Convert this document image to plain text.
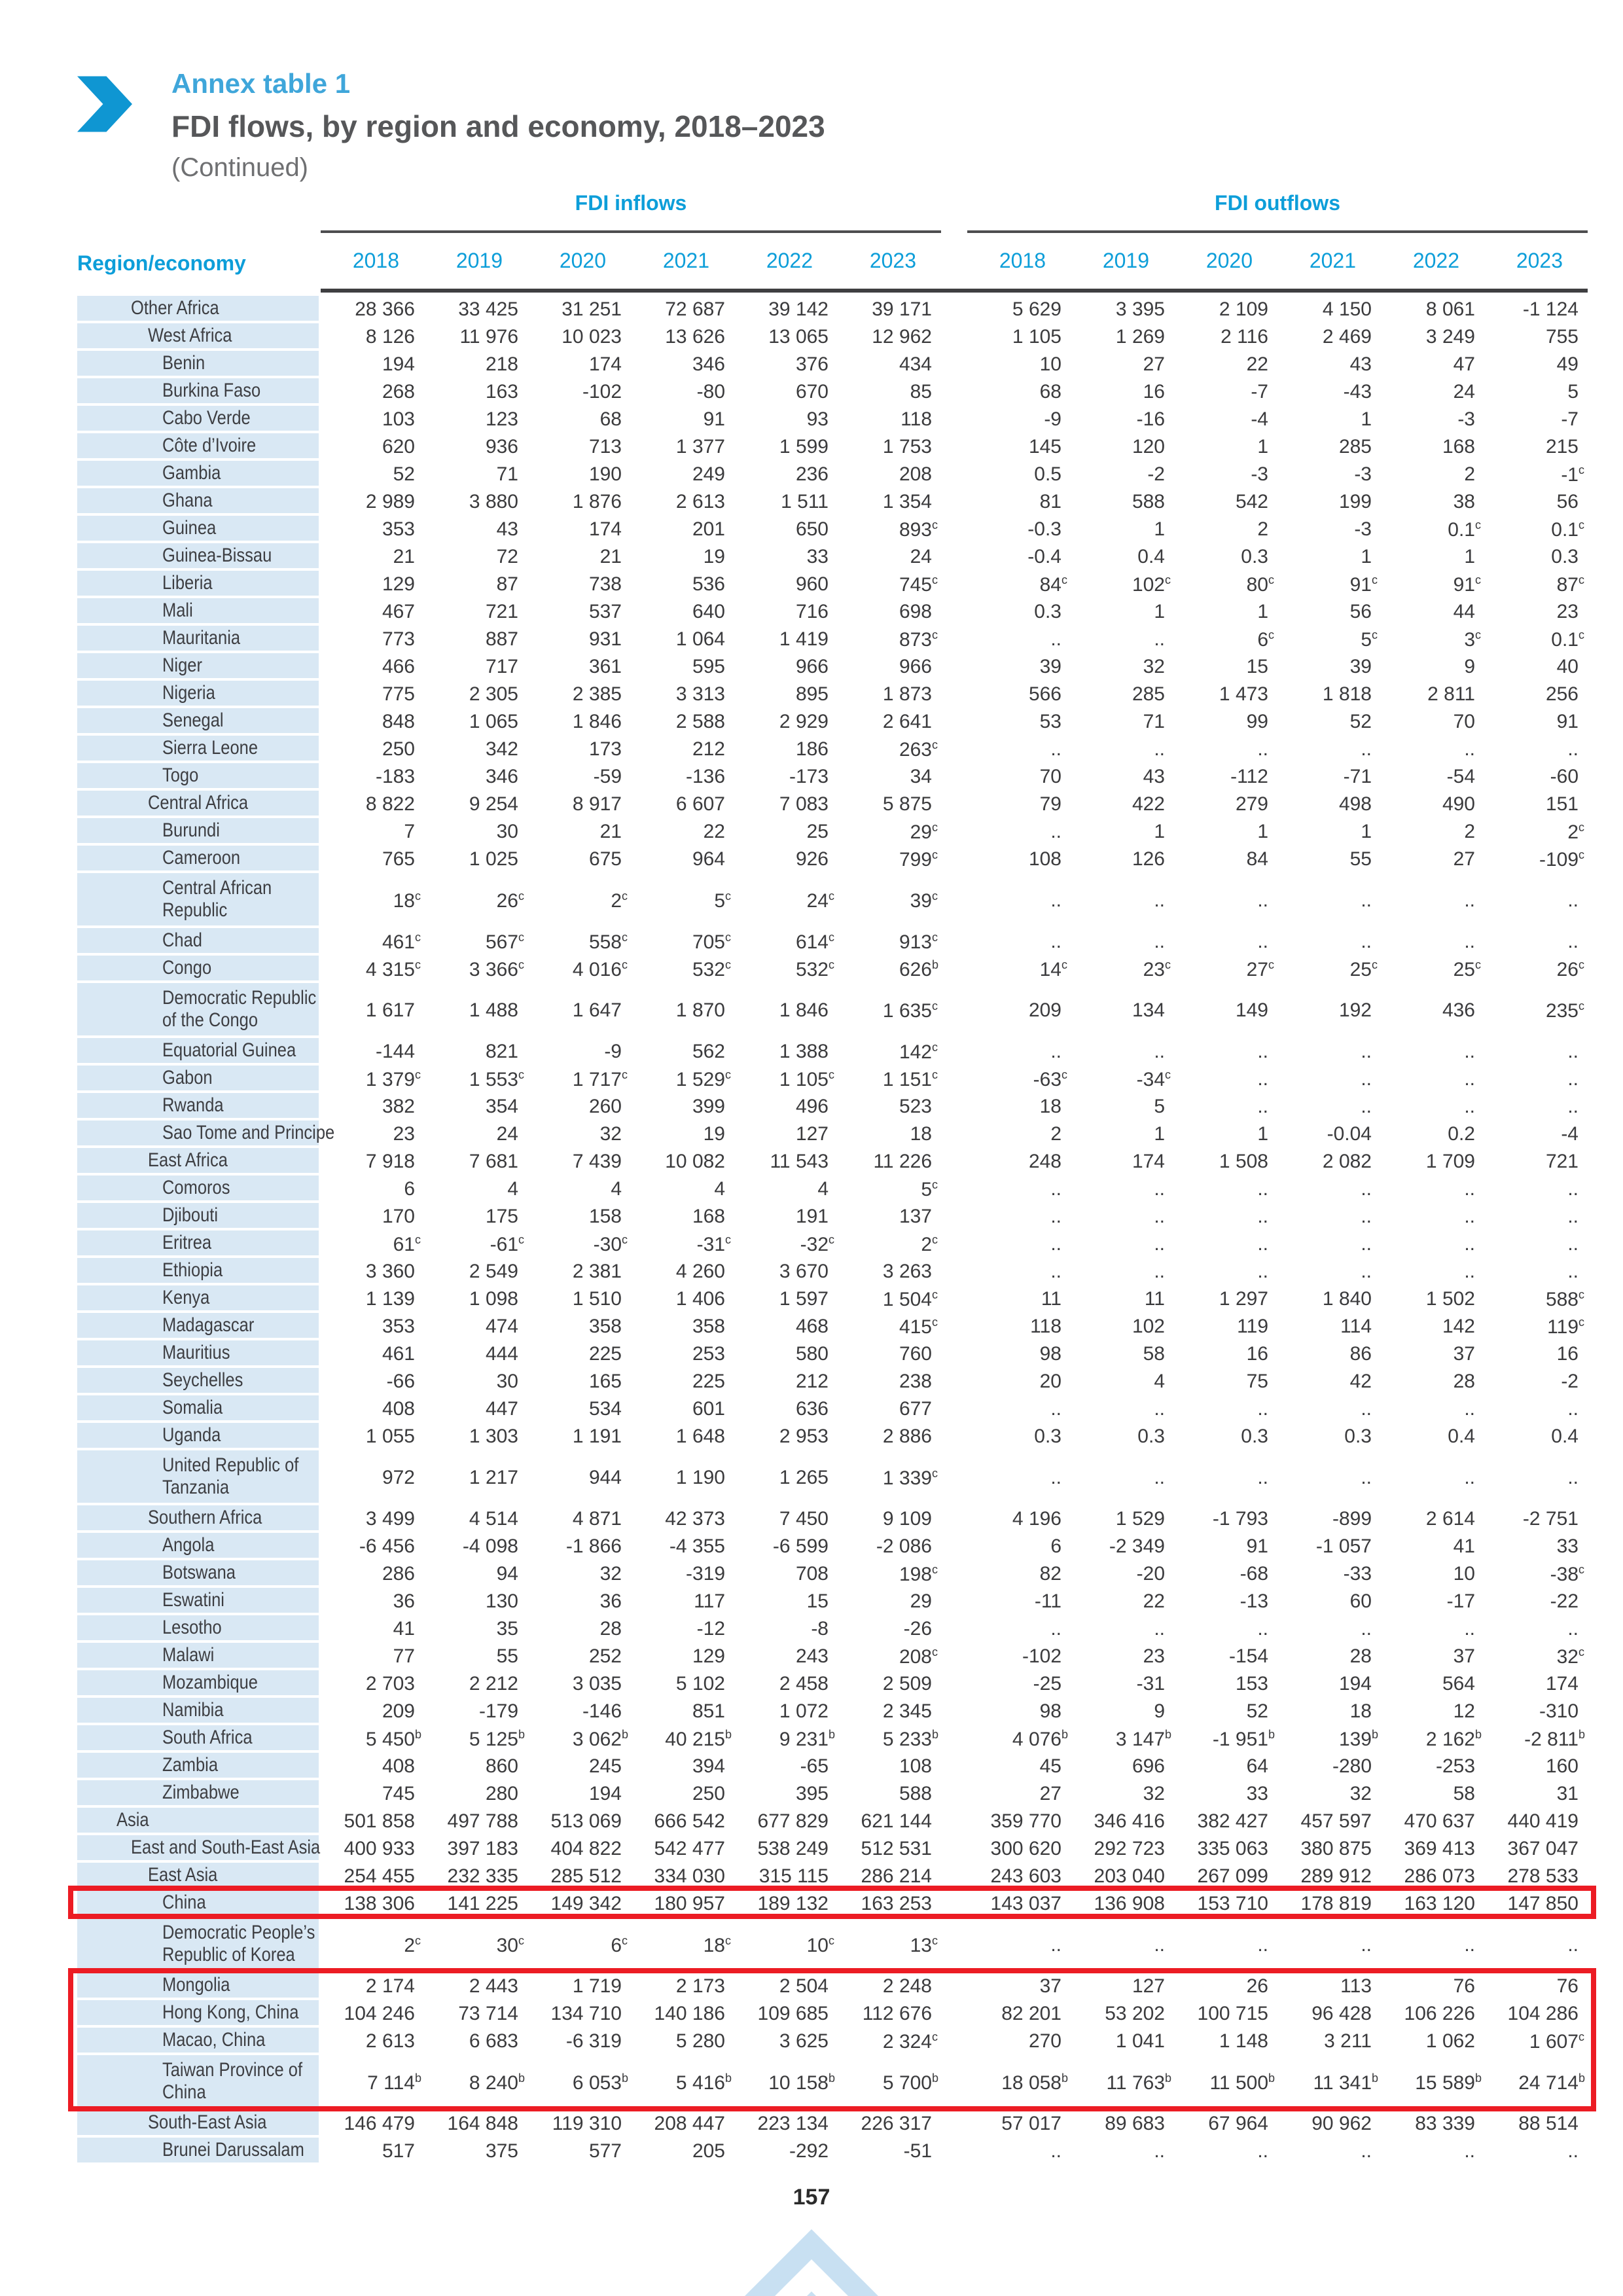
Annex table 1
FDI flows, by region and economy, 2018–2023
(Continued)
FDI inflows	FDI outflows
Region/economy	2018	2019	2020	2021	2022	2023	2018	2019	2020	2021	2022	2023
Other Africa	28 366	33 425	31 251	72 687	39 142	39 171	5 629	3 395	2 109	4 150	8 061	-1 124
West Africa	8 126	11 976	10 023	13 626	13 065	12 962	1 105	1 269	2 116	2 469	3 249	755
Benin	194	218	174	346	376	434	10	27	22	43	47	49
Burkina Faso	268	163	-102	-80	670	85	68	16	-7	-43	24	5
Cabo Verde	103	123	68	91	93	118	-9	-16	-4	1	-3	-7
Côte d’Ivoire	620	936	713	1 377	1 599	1 753	145	120	1	285	168	215
Gambia	52	71	190	249	236	208	0.5	-2	-3	-3	2	-1$^c$
Ghana	2 989	3 880	1 876	2 613	1 511	1 354	81	588	542	199	38	56
Guinea	353	43	174	201	650	893$^c$	-0.3	1	2	-3	0.1$^c$	0.1$^c$
Guinea-Bissau	21	72	21	19	33	24	-0.4	0.4	0.3	1	1	0.3
Liberia	129	87	738	536	960	745$^c$	84$^c$	102$^c$	80$^c$	91$^c$	91$^c$	87$^c$
Mali	467	721	537	640	716	698	0.3	1	1	56	44	23
Mauritania	773	887	931	1 064	1 419	873$^c$	..	..	6$^c$	5$^c$	3$^c$	0.1$^c$
Niger	466	717	361	595	966	966	39	32	15	39	9	40
Nigeria	775	2 305	2 385	3 313	895	1 873	566	285	1 473	1 818	2 811	256
Senegal	848	1 065	1 846	2 588	2 929	2 641	53	71	99	52	70	91
Sierra Leone	250	342	173	212	186	263$^c$	..	..	..	..	..	..
Togo	-183	346	-59	-136	-173	34	70	43	-112	-71	-54	-60
Central Africa	8 822	9 254	8 917	6 607	7 083	5 875	79	422	279	498	490	151
Burundi	7	30	21	22	25	29$^c$	..	1	1	1	2	2$^c$
Cameroon	765	1 025	675	964	926	799$^c$	108	126	84	55	27	-109$^c$
Central African
Republic	18$^c$	26$^c$	2$^c$	5$^c$	24$^c$	39$^c$	..	..	..	..	..	..
Chad	461$^c$	567$^c$	558$^c$	705$^c$	614$^c$	913$^c$	..	..	..	..	..	..
Congo	4 315$^c$	3 366$^c$	4 016$^c$	532$^c$	532$^c$	626$^b$	14$^c$	23$^c$	27$^c$	25$^c$	25$^c$	26$^c$
Democratic Republic
of the Congo	1 617	1 488	1 647	1 870	1 846	1 635$^c$	209	134	149	192	436	235$^c$
Equatorial Guinea	-144	821	-9	562	1 388	142$^c$	..	..	..	..	..	..
Gabon	1 379$^c$	1 553$^c$	1 717$^c$	1 529$^c$	1 105$^c$	1 151$^c$	-63$^c$	-34$^c$	..	..	..	..
Rwanda	382	354	260	399	496	523	18	5	..	..	..	..
Sao Tome and Principe	23	24	32	19	127	18	2	1	1	-0.04	0.2	-4
East Africa	7 918	7 681	7 439	10 082	11 543	11 226	248	174	1 508	2 082	1 709	721
Comoros	6	4	4	4	4	5$^c$	..	..	..	..	..	..
Djibouti	170	175	158	168	191	137	..	..	..	..	..	..
Eritrea	61$^c$	-61$^c$	-30$^c$	-31$^c$	-32$^c$	2$^c$	..	..	..	..	..	..
Ethiopia	3 360	2 549	2 381	4 260	3 670	3 263	..	..	..	..	..	..
Kenya	1 139	1 098	1 510	1 406	1 597	1 504$^c$	11	11	1 297	1 840	1 502	588$^c$
Madagascar	353	474	358	358	468	415$^c$	118	102	119	114	142	119$^c$
Mauritius	461	444	225	253	580	760	98	58	16	86	37	16
Seychelles	-66	30	165	225	212	238	20	4	75	42	28	-2
Somalia	408	447	534	601	636	677	..	..	..	..	..	..
Uganda	1 055	1 303	1 191	1 648	2 953	2 886	0.3	0.3	0.3	0.3	0.4	0.4
United Republic of
Tanzania	972	1 217	944	1 190	1 265	1 339$^c$	..	..	..	..	..	..
Southern Africa	3 499	4 514	4 871	42 373	7 450	9 109	4 196	1 529	-1 793	-899	2 614	-2 751
Angola	-6 456	-4 098	-1 866	-4 355	-6 599	-2 086	6	-2 349	91	-1 057	41	33
Botswana	286	94	32	-319	708	198$^c$	82	-20	-68	-33	10	-38$^c$
Eswatini	36	130	36	117	15	29	-11	22	-13	60	-17	-22
Lesotho	41	35	28	-12	-8	-26	..	..	..	..	..	..
Malawi	77	55	252	129	243	208$^c$	-102	23	-154	28	37	32$^c$
Mozambique	2 703	2 212	3 035	5 102	2 458	2 509	-25	-31	153	194	564	174
Namibia	209	-179	-146	851	1 072	2 345	98	9	52	18	12	-310
South Africa	5 450$^b$	5 125$^b$	3 062$^b$	40 215$^b$	9 231$^b$	5 233$^b$	4 076$^b$	3 147$^b$	-1 951$^b$	139$^b$	2 162$^b$	-2 811$^b$
Zambia	408	860	245	394	-65	108	45	696	64	-280	-253	160
Zimbabwe	745	280	194	250	395	588	27	32	33	32	58	31
Asia	501 858	497 788	513 069	666 542	677 829	621 144	359 770	346 416	382 427	457 597	470 637	440 419
East and South-East Asia	400 933	397 183	404 822	542 477	538 249	512 531	300 620	292 723	335 063	380 875	369 413	367 047
East Asia	254 455	232 335	285 512	334 030	315 115	286 214	243 603	203 040	267 099	289 912	286 073	278 533
China	138 306	141 225	149 342	180 957	189 132	163 253	143 037	136 908	153 710	178 819	163 120	147 850
Democratic People’s
Republic of Korea	2$^c$	30$^c$	6$^c$	18$^c$	10$^c$	13$^c$	..	..	..	..	..	..
Mongolia	2 174	2 443	1 719	2 173	2 504	2 248	37	127	26	113	76	76
Hong Kong, China	104 246	73 714	134 710	140 186	109 685	112 676	82 201	53 202	100 715	96 428	106 226	104 286
Macao, China	2 613	6 683	-6 319	5 280	3 625	2 324$^c$	270	1 041	1 148	3 211	1 062	1 607$^c$
Taiwan Province of
China	7 114$^b$	8 240$^b$	6 053$^b$	5 416$^b$	10 158$^b$	5 700$^b$	18 058$^b$	11 763$^b$	11 500$^b$	11 341$^b$	15 589$^b$	24 714$^b$
South-East Asia	146 479	164 848	119 310	208 447	223 134	226 317	57 017	89 683	67 964	90 962	83 339	88 514
Brunei Darussalam	517	375	577	205	-292	-51	..	..	..	..	..	..
157
